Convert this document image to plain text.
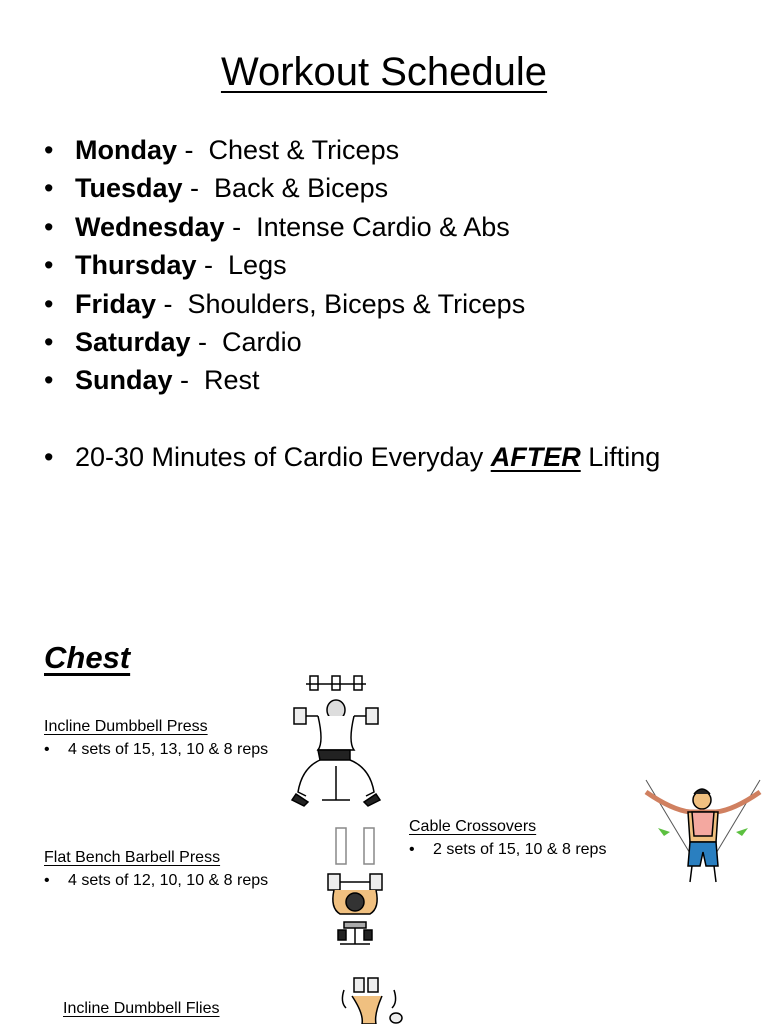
Workout Schedule
• Monday -  Chest & Triceps
• Tuesday -  Back & Biceps
• Wednesday -  Intense Cardio & Abs
• Thursday -  Legs
• Friday -  Shoulders, Biceps & Triceps
• Saturday -  Cardio
• Sunday -  Rest
• 20-30 Minutes of Cardio Everyday AFTER Lifting
Chest
Incline Dumbbell Press
• 4 sets of 15, 13, 10 & 8 reps
Flat Bench Barbell Press
• 4 sets of 12, 10, 10 & 8 reps
Cable Crossovers
• 2 sets of 15, 10 & 8 reps
Incline Dumbbell Flies
